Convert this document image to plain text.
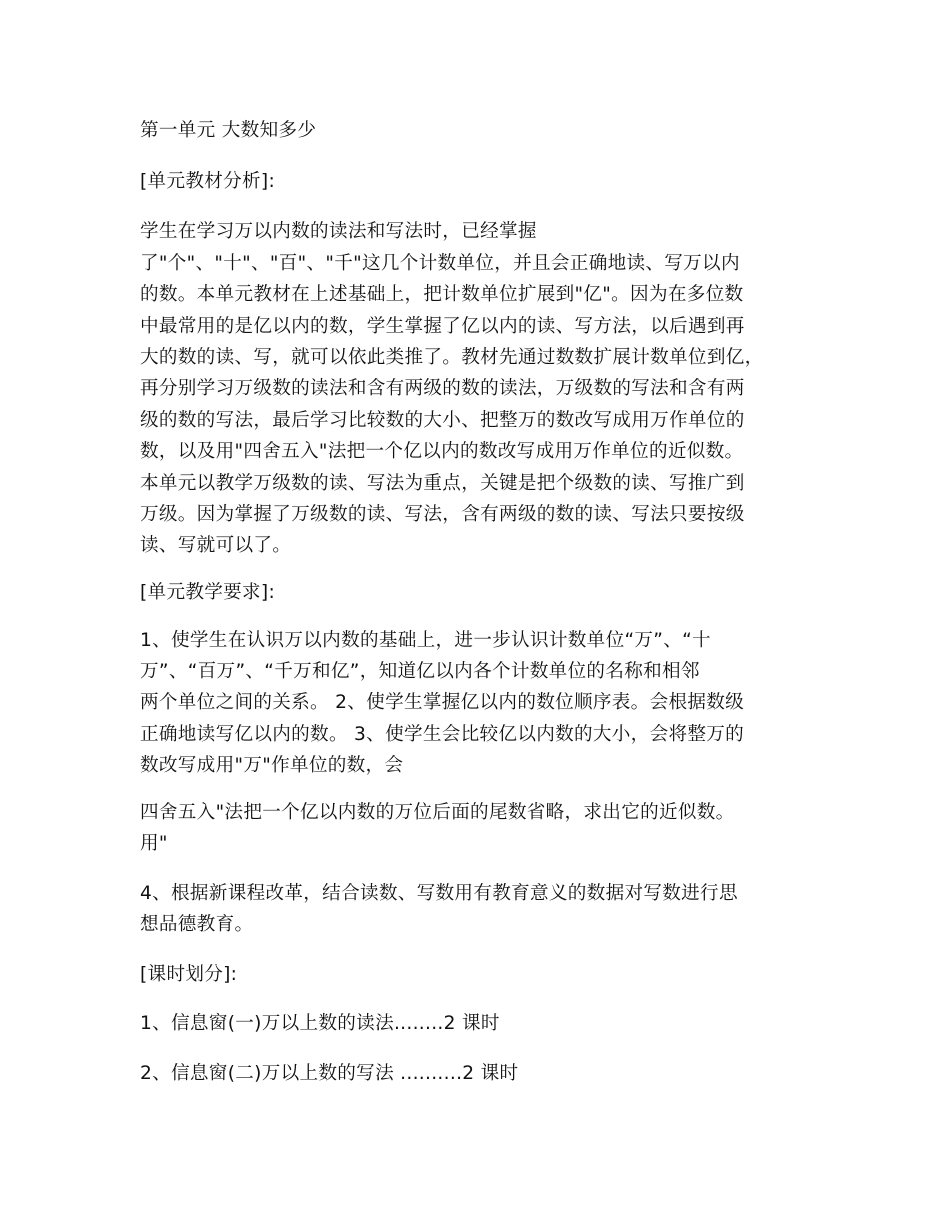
第一单元 大数知多少
[单元教材分析]:
学生在学习万以内数的读法和写法时，已经掌握
了"个"、"十"、"百"、"千"这几个计数单位，并且会正确地读、写万以内
的数。本单元教材在上述基础上，把计数单位扩展到"亿"。因为在多位数
中最常用的是亿以内的数，学生掌握了亿以内的读、写方法，以后遇到再
大的数的读、写，就可以依此类推了。教材先通过数数扩展计数单位到亿，
再分别学习万级数的读法和含有两级的数的读法，万级数的写法和含有两
级的数的写法，最后学习比较数的大小、把整万的数改写成用万作单位的
数，以及用"四舍五入"法把一个亿以内的数改写成用万作单位的近似数。
本单元以教学万级数的读、写法为重点，关键是把个级数的读、写推广到
万级。因为掌握了万级数的读、写法，含有两级的数的读、写法只要按级
读、写就可以了。
[单元教学要求]:
1、使学生在认识万以内数的基础上，进一步认识计数单位“万”、“十
万”、“百万”、“千万和亿”，知道亿以内各个计数单位的名称和相邻
两个单位之间的关系。 2、使学生掌握亿以内的数位顺序表。会根据数级
正确地读写亿以内的数。 3、使学生会比较亿以内数的大小，会将整万的
数改写成用"万"作单位的数，会
四舍五入"法把一个亿以内数的万位后面的尾数省略，求出它的近似数。
用"
4、根据新课程改革，结合读数、写数用有教育意义的数据对写数进行思
想品德教育。
[课时划分]:
1、信息窗(一)万以上数的读法........2 课时
2、信息窗(二)万以上数的写法 ..........2 课时
